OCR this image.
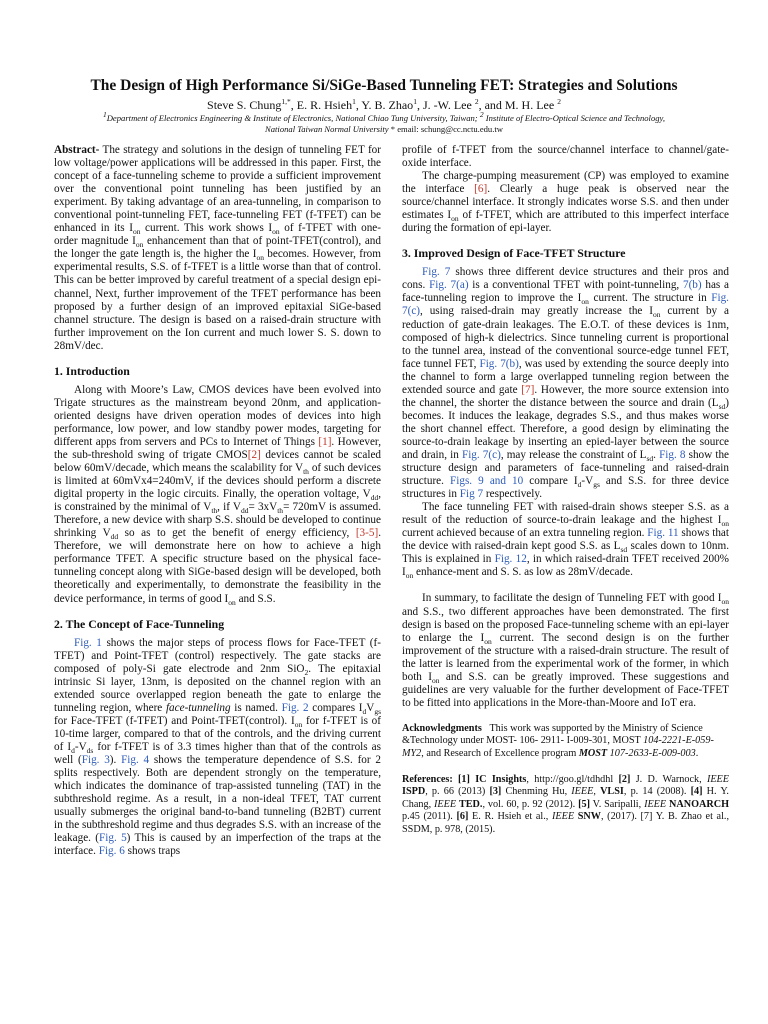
The Design of High Performance Si/SiGe-Based Tunneling FET: Strategies and Solutions
Steve S. Chung$^{1,*}$, E. R. Hsieh$^1$, Y. B. Zhao$^1$, J. -W. Lee $^2$, and M. H. Lee $^2$
$^1$Department of Electronics Engineering & Institute of Electronics, National Chiao Tung University, Taiwan; $^2$ Institute of Electro-Optical Science and Technology,
National Taiwan Normal University * email: schung@cc.nctu.edu.tw

Abstract- The strategy and solutions in the design of tunneling FET for low voltage/power applications will be addressed in this paper. First, the concept of a face-tunneling scheme to provide a sufficient improvement over the conventional point tunneling has been justified by an experiment. By taking advantage of an area-tunneling, in comparison to conventional point-tunneling FET, face-tunneling FET (f-TFET) can be enhanced in its $I_{on}$ current. This work shows $I_{on}$ of f-TFET with one-order magnitude $I_{on}$ enhancement than that of point-TFET(control), and the longer the gate length is, the higher the $I_{on}$ becomes. However, from experimental results, S.S. of f-TFET is a little worse than that of control. This can be better improved by careful treatment of a special design epi-channel, Next, further improvement of the TFET performance has been proposed by a further design of an improved epitaxial SiGe-based channel structure. The design is based on a raised-drain structure with further improvement on the Ion current and much lower S. S. down to 28mV/dec.

1. Introduction

Along with Moore’s Law, CMOS devices have been evolved into Trigate structures as the mainstream beyond 20nm, and application-oriented designs have driven operation modes of devices into high performance, low power, and low standby power modes, targeting for different apps from servers and PCs to Internet of Things [1]. However, the sub-threshold swing of trigate CMOS[2] devices cannot be scaled below 60mV/decade, which means the scalability for $V_{th}$ of such devices is limited at 60mVx4=240mV, if the devices should perform a discrete digital property in the logic circuits. Finally, the operation voltage, $V_{dd}$, is constrained by the minimal of $V_{th}$, if $V_{dd}= 3xV_{th}= 720mV$ is assumed. Therefore, a new device with sharp S.S. should be developed to continue shrinking $V_{dd}$ so as to get the benefit of energy efficiency, [3-5]. Therefore, we will demonstrate here on how to achieve a high performance TFET. A specific structure based on the physical face-tunneling concept along with SiGe-based design will be developed, both theoretically and experimentally, to demonstrate the feasibility in the device performance, in terms of good $I_{on}$ and S.S.

2. The Concept of Face-Tunneling

Fig. 1 shows the major steps of process flows for Face-TFET (f-TFET) and Point-TFET (control) respectively. The gate stacks are composed of poly-Si gate electrode and 2nm SiO$_2$. The epitaxial intrinsic Si layer, 13nm, is deposited on the channel region with an extended source overlapped region beneath the gate to enlarge the tunneling region, where face-tunneling is named. Fig. 2 compares $I_dV_{gs}$ for Face-TFET (f-TFET) and Point-TFET(control). $I_{on}$ for f-TFET is of 10-time larger, compared to that of the controls, and the driving current of $I_d-V_{ds}$ for f-TFET is of 3.3 times higher than that of the controls as well (Fig. 3). Fig. 4 shows the temperature dependence of S.S. for 2 splits respectively. Both are dependent strongly on the temperature, which indicates the dominance of trap-assisted tunneling (TAT) in the subthreshold regime. As a result, in a non-ideal TFET, TAT current usually submerges the original band-to-band tunneling (B2BT) current in the subthreshold regime and thus degrades S.S. with an increase of the leakage. (Fig. 5) This is caused by an imperfection of the traps at the interface. Fig. 6 shows traps

profile of f-TFET from the source/channel interface to channel/gate-oxide interface.

The charge-pumping measurement (CP) was employed to examine the interface [6]. Clearly a huge peak is observed near the source/channel interface. It strongly indicates worse S.S. and then under estimates $I_{on}$ of f-TFET, which are attributed to this imperfect interface during the formation of epi-layer.

3. Improved Design of Face-TFET Structure

Fig. 7 shows three different device structures and their pros and cons. Fig. 7(a) is a conventional TFET with point-tunneling, 7(b) has a face-tunneling region to improve the $I_{on}$ current. The structure in Fig. 7(c), using raised-drain may greatly increase the $I_{on}$ current by a reduction of gate-drain leakages. The E.O.T. of these devices is 1nm, composed of high-k dielectrics. Since tunneling current is proportional to the tunnel area, instead of the conventional source-edge tunnel FET, face tunnel FET, Fig. 7(b), was used by extending the source deeply into the channel to form a large overlapped tunneling region between the extended source and gate [7]. However, the more source extension into the channel, the shorter the distance between the source and drain $(L_{sd})$ becomes. It induces the leakage, degrades S.S., and thus makes worse the short channel effect. Therefore, a good design by eliminating the source-to-drain leakage by inserting an epied-layer between the source and drain, in Fig. 7(c), may release the constraint of $L_{sd}$. Fig. 8 show the structure design and parameters of face-tunneling and raised-drain structure. Figs. 9 and 10 compare $I_d-V_{gs}$ and S.S. for three device structures in Fig 7 respectively.

The face tunneling FET with raised-drain shows steeper S.S. as a result of the reduction of source-to-drain leakage and the highest $I_{on}$ current achieved because of an extra tunneling region. Fig. 11 shows that the device with raised-drain kept good S.S. as $L_{sd}$ scales down to 10nm. This is explained in Fig. 12, in which raised-drain TFET received 200% $I_{on}$ enhance-ment and S. S. as low as 28mV/decade.

In summary, to facilitate the design of Tunneling FET with good $I_{on}$ and S.S., two different approaches have been demonstrated. The first design is based on the proposed Face-tunneling scheme with an epi-layer to enlarge the $I_{on}$ current. The second design is on the further improvement of the structure with a raised-drain structure. The result of the latter is learned from the experimental work of the former, in which both $I_{on}$ and S.S. can be greatly improved. These suggestions and guidelines are very valuable for the further development of Face-TFET to be fitted into applications in the More-than-Moore and IoT era.

Acknowledgments   This work was supported by the Ministry of Science &Technology under MOST- 106- 2911- I-009-301, MOST 104-2221-E-059- MY2, and Research of Excellence program MOST 107-2633-E-009-003.

References: [1] IC Insights, http://goo.gl/tdhdhl [2] J. D. Warnock, IEEE ISPD, p. 66 (2013) [3] Chenming Hu, IEEE, VLSI, p. 14 (2008). [4] H. Y. Chang, IEEE TED., vol. 60, p. 92 (2012). [5] V. Saripalli, IEEE NANOARCH p.45 (2011). [6] E. R. Hsieh et al., IEEE SNW, (2017). [7] Y. B. Zhao et al., SSDM, p. 978, (2015).
